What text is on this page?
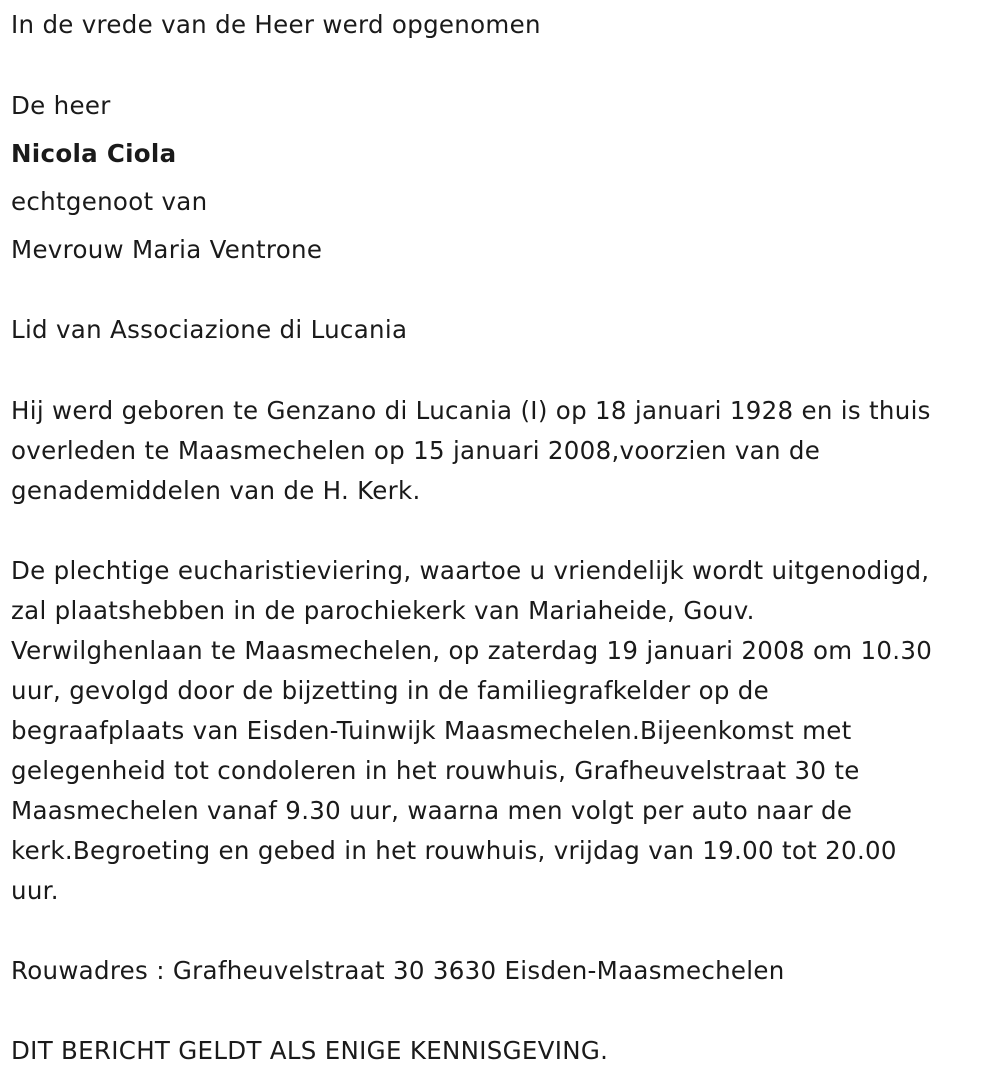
In de vrede van de Heer werd opgenomen
De heer
Nicola Ciola
echtgenoot van
Mevrouw Maria Ventrone
Lid van Associazione di Lucania
Hij werd geboren te Genzano di Lucania (I) op 18 januari 1928 en is thuis
overleden te Maasmechelen op 15 januari 2008,voorzien van de
genademiddelen van de H. Kerk.
De plechtige eucharistieviering, waartoe u vriendelijk wordt uitgenodigd,
zal plaatshebben in de parochiekerk van Mariaheide, Gouv.
Verwilghenlaan te Maasmechelen, op zaterdag 19 januari 2008 om 10.30
uur, gevolgd door de bijzetting in de familiegrafkelder op de
begraafplaats van Eisden-Tuinwijk Maasmechelen.Bijeenkomst met
gelegenheid tot condoleren in het rouwhuis, Grafheuvelstraat 30 te
Maasmechelen vanaf 9.30 uur, waarna men volgt per auto naar de
kerk.Begroeting en gebed in het rouwhuis, vrijdag van 19.00 tot 20.00
uur.
Rouwadres : Grafheuvelstraat 30 3630 Eisden-Maasmechelen
DIT BERICHT GELDT ALS ENIGE KENNISGEVING.
